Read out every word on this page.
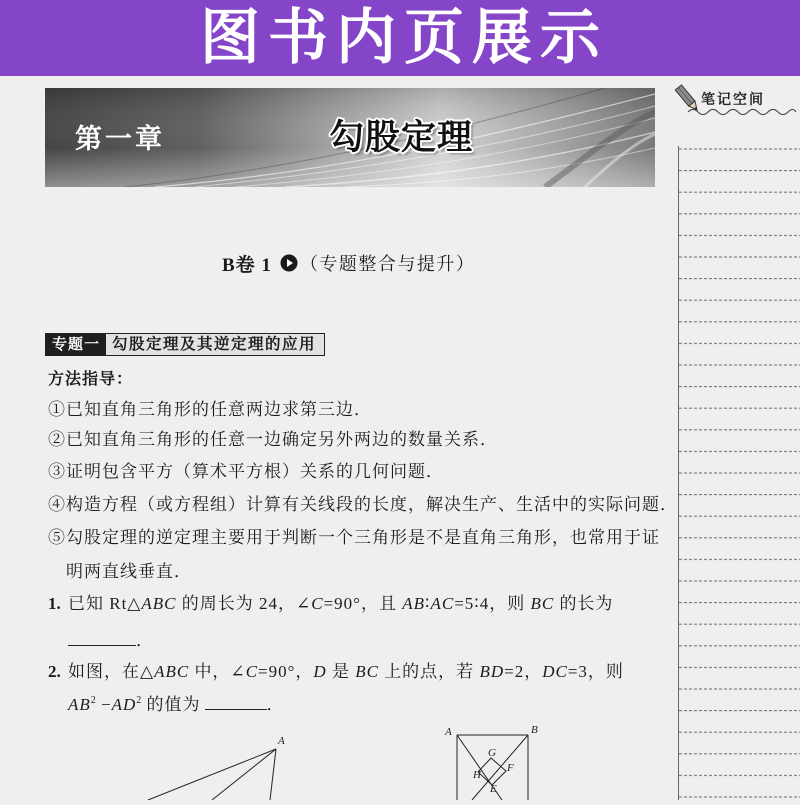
图书内页展示
第一章	勾股定理
笔记空间
B卷 1 （专题整合与提升）
专题一 勾股定理及其逆定理的应用
方法指导：
①已知直角三角形的任意两边求第三边．
②已知直角三角形的任意一边确定另外两边的数量关系．
③证明包含平方（算术平方根）关系的几何问题．
④构造方程（或方程组）计算有关线段的长度，解决生产、生活中的实际问题．
⑤勾股定理的逆定理主要用于判断一个三角形是不是直角三角形，也常用于证
明两直线垂直．
1. 已知 Rt△ABC 的周长为 24，∠C=90°，且 AB∶AC=5∶4，则 BC 的长为
．
2. 如图，在△ABC 中，∠C=90°，D 是 BC 上的点，若 BD=2，DC=3，则
$AB^2 -AD^2$ 的值为	．
A
A	B
G
H
F
E
